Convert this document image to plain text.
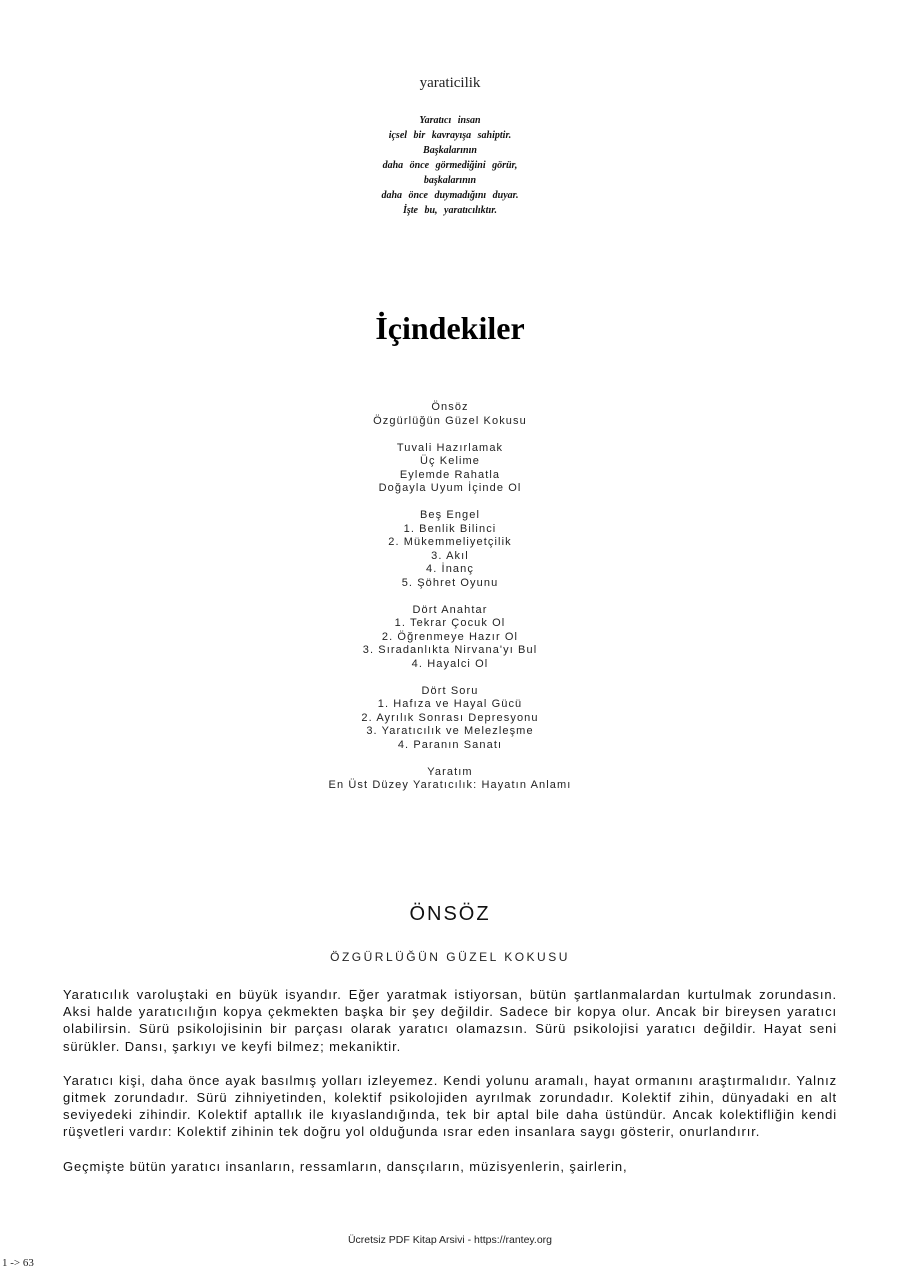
yaraticilik
Yaratıcı insan
içsel bir kavrayışa sahiptir.
Başkalarının
daha önce görmediğini görür,
başkalarının
daha önce duymadığını duyar.
İşte bu, yaratıcılıktır.
İçindekiler
Önsöz
Özgürlüğün Güzel Kokusu
Tuvali Hazırlamak
Üç Kelime
Eylemde Rahatla
Doğayla Uyum İçinde Ol
Beş Engel
1. Benlik Bilinci
2. Mükemmeliyetçilik
3. Akıl
4. İnanç
5. Şöhret Oyunu
Dört Anahtar
1. Tekrar Çocuk Ol
2. Öğrenmeye Hazır Ol
3. Sıradanlıkta Nirvana'yı Bul
4. Hayalci Ol
Dört Soru
1. Hafıza ve Hayal Gücü
2. Ayrılık Sonrası Depresyonu
3. Yaratıcılık ve Melezleşme
4. Paranın Sanatı
Yaratım
En Üst Düzey Yaratıcılık: Hayatın Anlamı
ÖNSÖZ
ÖZGÜRLÜĞÜN GÜZEL KOKUSU

Yaratıcılık varoluştaki en büyük isyandır. Eğer yaratmak istiyorsan, bütün şartlanmalardan kurtulmak zorundasın. Aksi halde yaratıcılığın kopya çekmekten başka bir şey değildir. Sadece bir kopya olur. Ancak bir bireysen yaratıcı olabilirsin. Sürü psikolojisinin bir parçası olarak yaratıcı olamazsın. Sürü psikolojisi yaratıcı değildir. Hayat seni sürükler. Dansı, şarkıyı ve keyfi bilmez; mekaniktir.

Yaratıcı kişi, daha önce ayak basılmış yolları izleyemez. Kendi yolunu aramalı, hayat ormanını araştırmalıdır. Yalnız gitmek zorundadır. Sürü zihniyetinden, kolektif psikolojiden ayrılmak zorundadır. Kolektif zihin, dünyadaki en alt seviyedeki zihindir. Kolektif aptallık ile kıyaslandığında, tek bir aptal bile daha üstündür. Ancak kolektifliğin kendi rüşvetleri vardır: Kolektif zihinin tek doğru yol olduğunda ısrar eden insanlara saygı gösterir, onurlandırır.

Geçmişte bütün yaratıcı insanların, ressamların, dansçıların, müzisyenlerin, şairlerin,

Ücretsiz PDF Kitap Arsivi - https://rantey.org
1 -> 63
